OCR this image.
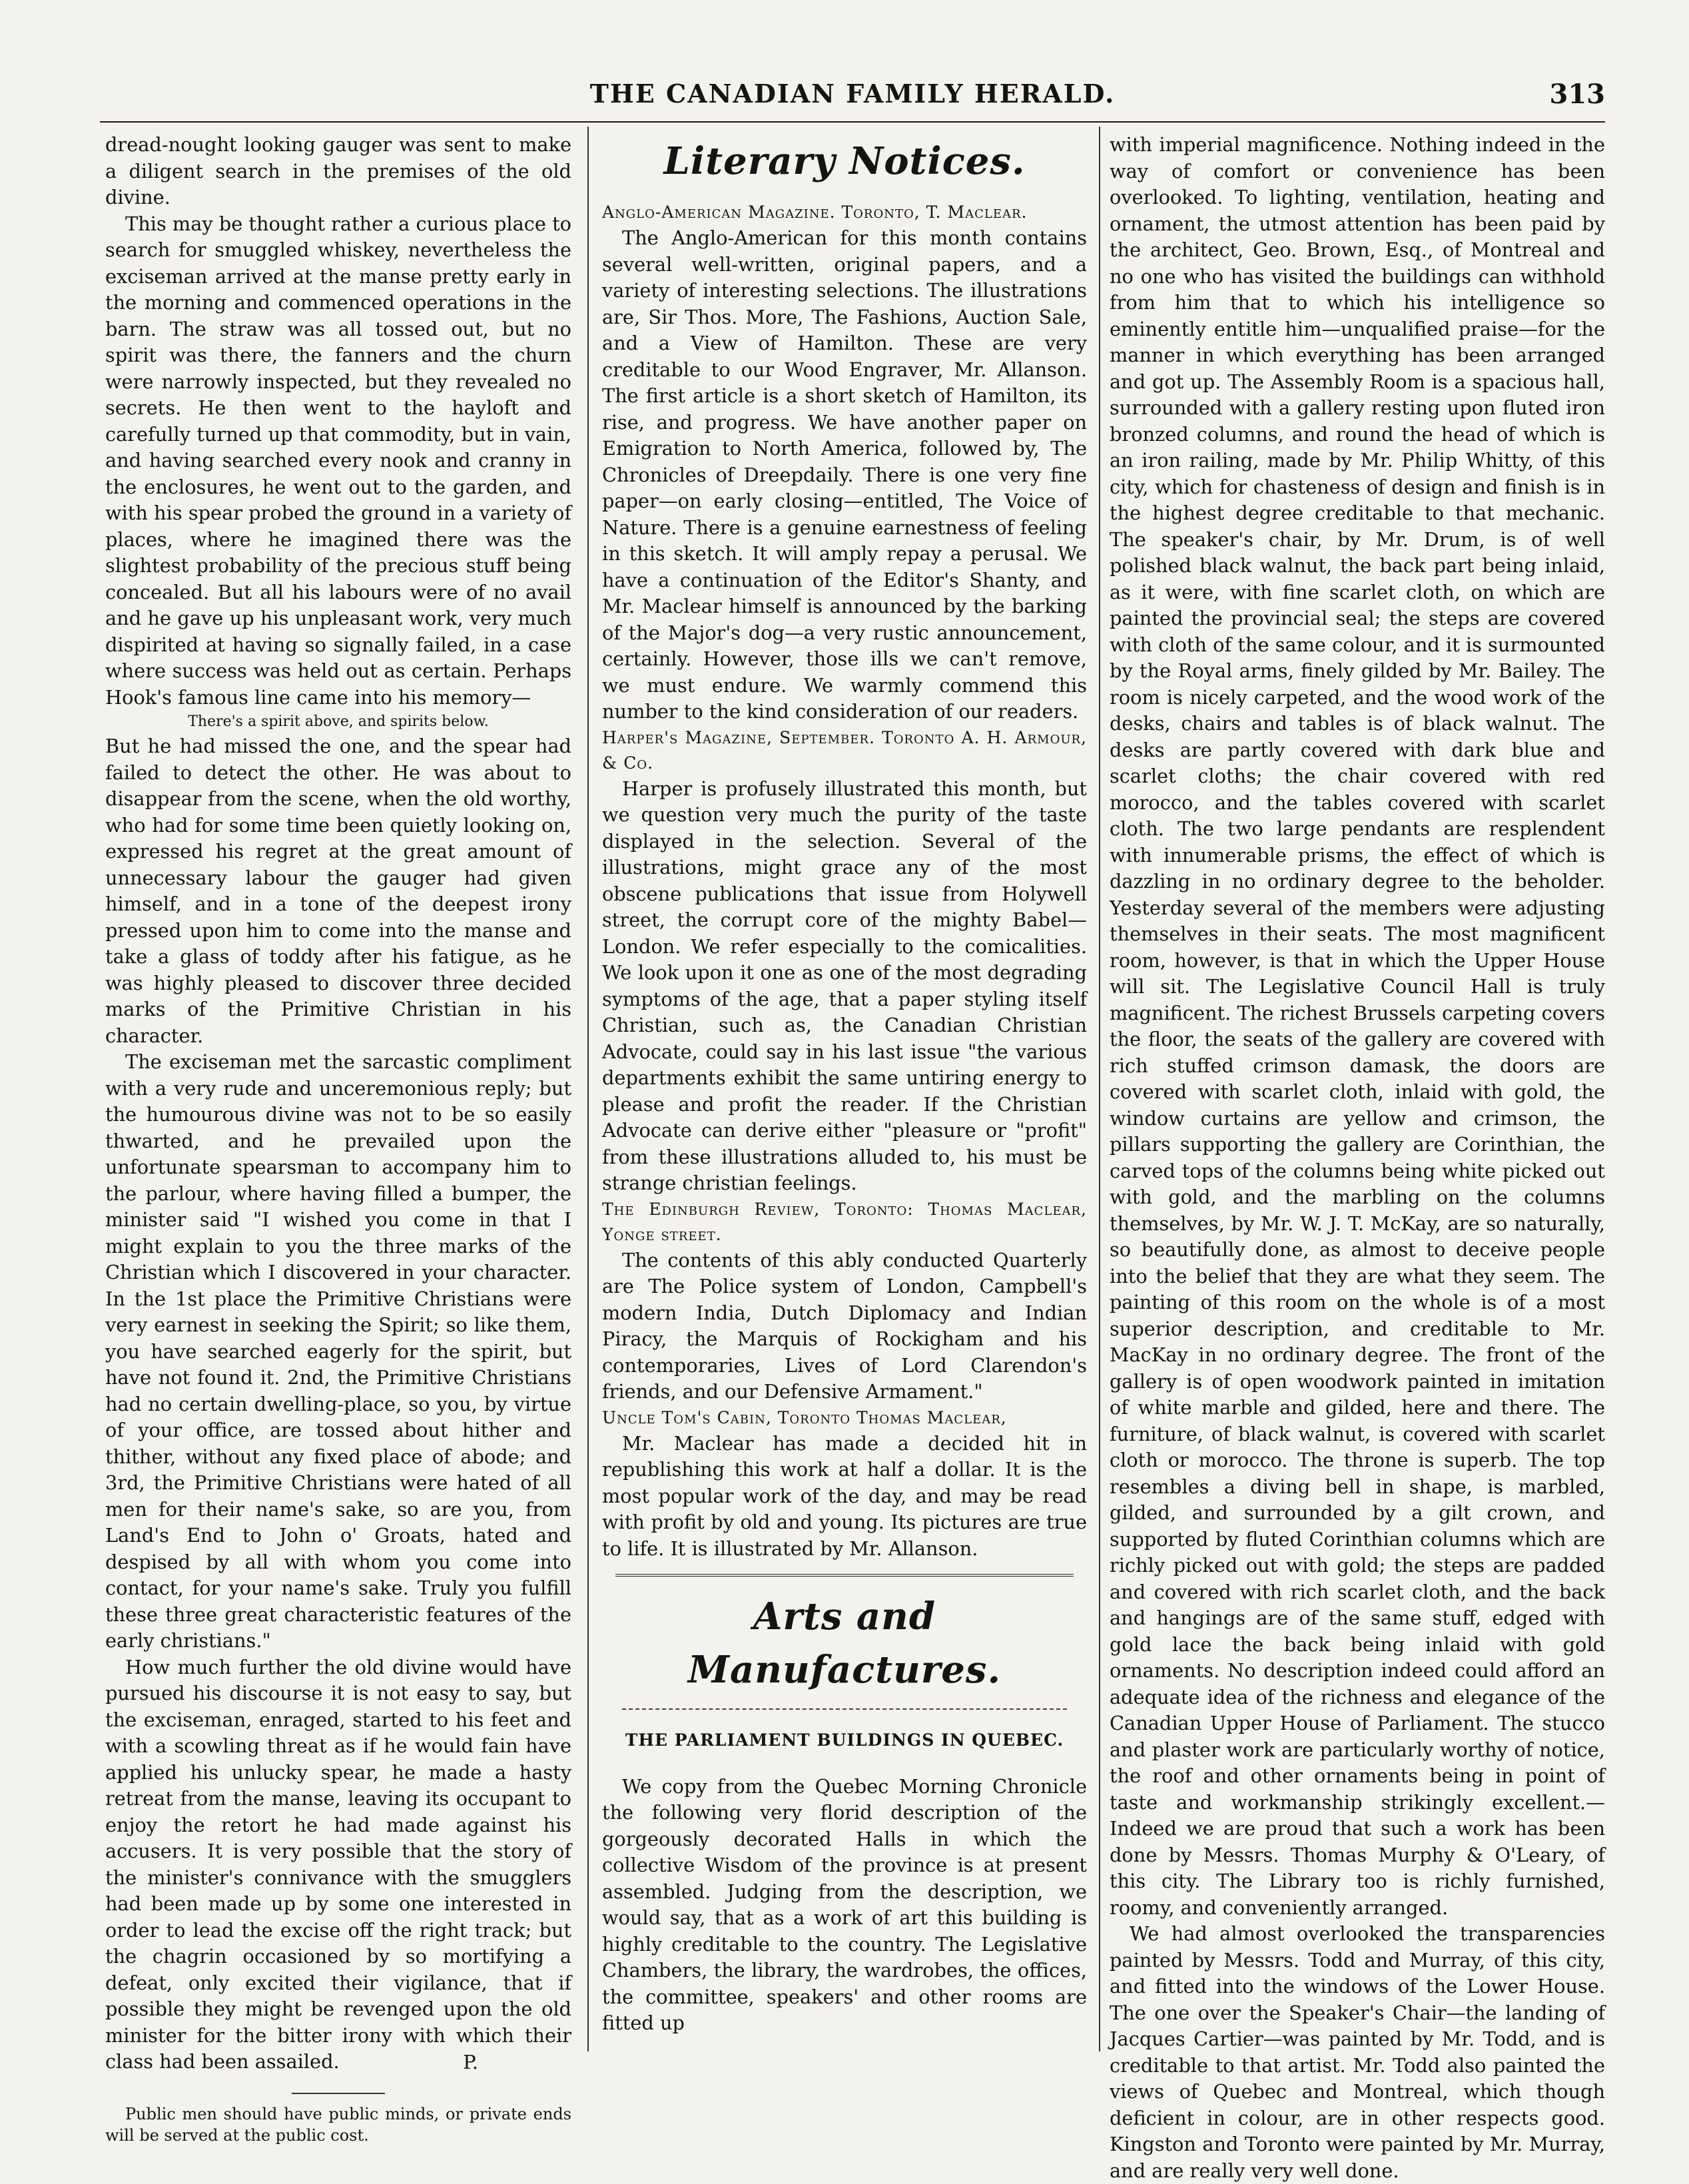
THE CANADIAN FAMILY HERALD.	313

dread-nought looking gauger was sent to make a diligent search in the premises of the old divine.

This may be thought rather a curious place to search for smuggled whiskey, nevertheless the exciseman arrived at the manse pretty early in the morning and commenced operations in the barn. The straw was all tossed out, but no spirit was there, the fanners and the churn were narrowly inspected, but they revealed no secrets. He then went to the hayloft and carefully turned up that commodity, but in vain, and having searched every nook and cranny in the enclosures, he went out to the garden, and with his spear probed the ground in a variety of places, where he imagined there was the slightest probability of the precious stuff being concealed. But all his labours were of no avail and he gave up his unpleasant work, very much dispirited at having so signally failed, in a case where success was held out as certain. Perhaps Hook's famous line came into his memory—

There's a spirit above, and spirits below.

But he had missed the one, and the spear had failed to detect the other. He was about to disappear from the scene, when the old worthy, who had for some time been quietly looking on, expressed his regret at the great amount of unnecessary labour the gauger had given himself, and in a tone of the deepest irony pressed upon him to come into the manse and take a glass of toddy after his fatigue, as he was highly pleased to discover three decided marks of the Primitive Christian in his character.

The exciseman met the sarcastic compliment with a very rude and unceremonious reply; but the humourous divine was not to be so easily thwarted, and he prevailed upon the unfortunate spearsman to accompany him to the parlour, where having filled a bumper, the minister said "I wished you come in that I might explain to you the three marks of the Christian which I discovered in your character. In the 1st place the Primitive Christians were very earnest in seeking the Spirit; so like them, you have searched eagerly for the spirit, but have not found it. 2nd, the Primitive Christians had no certain dwelling-place, so you, by virtue of your office, are tossed about hither and thither, without any fixed place of abode; and 3rd, the Primitive Christians were hated of all men for their name's sake, so are you, from Land's End to John o' Groats, hated and despised by all with whom you come into contact, for your name's sake. Truly you fulfill these three great characteristic features of the early christians."

How much further the old divine would have pursued his discourse it is not easy to say, but the exciseman, enraged, started to his feet and with a scowling threat as if he would fain have applied his unlucky spear, he made a hasty retreat from the manse, leaving its occupant to enjoy the retort he had made against his accusers. It is very possible that the story of the minister's connivance with the smugglers had been made up by some one interested in order to lead the excise off the right track; but the chagrin occasioned by so mortifying a defeat, only excited their vigilance, that if possible they might be revenged upon the old minister for the bitter irony with which their class had been assailed.	P.

Public men should have public minds, or private ends will be served at the public cost.

Literary Notices.

Anglo-American Magazine. Toronto, T. Maclear.

The Anglo-American for this month contains several well-written, original papers, and a variety of interesting selections. The illustrations are, Sir Thos. More, The Fashions, Auction Sale, and a View of Hamilton. These are very creditable to our Wood Engraver, Mr. Allanson. The first article is a short sketch of Hamilton, its rise, and progress. We have another paper on Emigration to North America, followed by, The Chronicles of Dreepdaily. There is one very fine paper—on early closing—entitled, The Voice of Nature. There is a genuine earnestness of feeling in this sketch. It will amply repay a perusal. We have a continuation of the Editor's Shanty, and Mr. Maclear himself is announced by the barking of the Major's dog—a very rustic announcement, certainly. However, those ills we can't remove, we must endure. We warmly commend this number to the kind consideration of our readers.

Harper's Magazine, September. Toronto A. H. Armour, & Co.

Harper is profusely illustrated this month, but we question very much the purity of the taste displayed in the selection. Several of the illustrations, might grace any of the most obscene publications that issue from Holywell street, the corrupt core of the mighty Babel—London. We refer especially to the comicalities. We look upon it one as one of the most degrading symptoms of the age, that a paper styling itself Christian, such as, the Canadian Christian Advocate, could say in his last issue "the various departments exhibit the same untiring energy to please and profit the reader. If the Christian Advocate can derive either "pleasure or "profit" from these illustrations alluded to, his must be strange christian feelings.

The Edinburgh Review, Toronto: Thomas Maclear, Yonge street.

The contents of this ably conducted Quarterly are The Police system of London, Campbell's modern India, Dutch Diplomacy and Indian Piracy, the Marquis of Rockigham and his contemporaries, Lives of Lord Clarendon's friends, and our Defensive Armament."

Uncle Tom's Cabin, Toronto Thomas Maclear,

Mr. Maclear has made a decided hit in republishing this work at half a dollar. It is the most popular work of the day, and may be read with profit by old and young. Its pictures are true to life. It is illustrated by Mr. Allanson.

Arts and Manufactures.
THE PARLIAMENT BUILDINGS IN QUEBEC.

We copy from the Quebec Morning Chronicle the following very florid description of the gorgeously decorated Halls in which the collective Wisdom of the province is at present assembled. Judging from the description, we would say, that as a work of art this building is highly creditable to the country. The Legislative Chambers, the library, the wardrobes, the offices, the committee, speakers' and other rooms are fitted up

with imperial magnificence. Nothing indeed in the way of comfort or convenience has been overlooked. To lighting, ventilation, heating and ornament, the utmost attention has been paid by the architect, Geo. Brown, Esq., of Montreal and no one who has visited the buildings can withhold from him that to which his intelligence so eminently entitle him—unqualified praise—for the manner in which everything has been arranged and got up. The Assembly Room is a spacious hall, surrounded with a gallery resting upon fluted iron bronzed columns, and round the head of which is an iron railing, made by Mr. Philip Whitty, of this city, which for chasteness of design and finish is in the highest degree creditable to that mechanic. The speaker's chair, by Mr. Drum, is of well polished black walnut, the back part being inlaid, as it were, with fine scarlet cloth, on which are painted the provincial seal; the steps are covered with cloth of the same colour, and it is surmounted by the Royal arms, finely gilded by Mr. Bailey. The room is nicely carpeted, and the wood work of the desks, chairs and tables is of black walnut. The desks are partly covered with dark blue and scarlet cloths; the chair covered with red morocco, and the tables covered with scarlet cloth. The two large pendants are resplendent with innumerable prisms, the effect of which is dazzling in no ordinary degree to the beholder. Yesterday several of the members were adjusting themselves in their seats. The most magnificent room, however, is that in which the Upper House will sit. The Legislative Council Hall is truly magnificent. The richest Brussels carpeting covers the floor, the seats of the gallery are covered with rich stuffed crimson damask, the doors are covered with scarlet cloth, inlaid with gold, the window curtains are yellow and crimson, the pillars supporting the gallery are Corinthian, the carved tops of the columns being white picked out with gold, and the marbling on the columns themselves, by Mr. W. J. T. McKay, are so naturally, so beautifully done, as almost to deceive people into the belief that they are what they seem. The painting of this room on the whole is of a most superior description, and creditable to Mr. MacKay in no ordinary degree. The front of the gallery is of open woodwork painted in imitation of white marble and gilded, here and there. The furniture, of black walnut, is covered with scarlet cloth or morocco. The throne is superb. The top resembles a diving bell in shape, is marbled, gilded, and surrounded by a gilt crown, and supported by fluted Corinthian columns which are richly picked out with gold; the steps are padded and covered with rich scarlet cloth, and the back and hangings are of the same stuff, edged with gold lace the back being inlaid with gold ornaments. No description indeed could afford an adequate idea of the richness and elegance of the Canadian Upper House of Parliament. The stucco and plaster work are particularly worthy of notice, the roof and other ornaments being in point of taste and workmanship strikingly excellent.—Indeed we are proud that such a work has been done by Messrs. Thomas Murphy & O'Leary, of this city. The Library too is richly furnished, roomy, and conveniently arranged.

We had almost overlooked the transparencies painted by Messrs. Todd and Murray, of this city, and fitted into the windows of the Lower House. The one over the Speaker's Chair—the landing of Jacques Cartier—was painted by Mr. Todd, and is creditable to that artist. Mr. Todd also painted the views of Quebec and Montreal, which though deficient in colour, are in other respects good. Kingston and Toronto were painted by Mr. Murray, and are really very well done.
